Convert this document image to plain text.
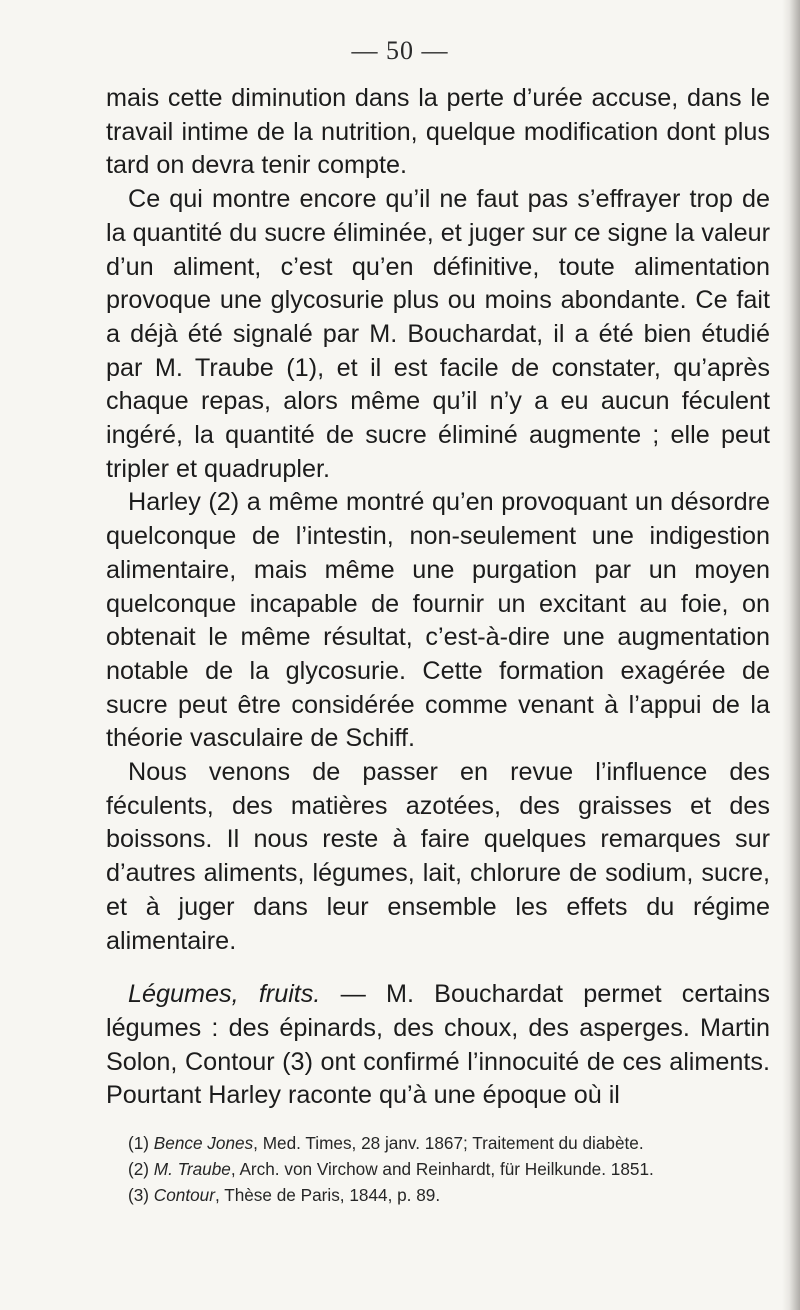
— 50 —

mais cette diminution dans la perte d’urée accuse, dans le travail intime de la nutrition, quelque modification dont plus tard on devra tenir compte.

Ce qui montre encore qu’il ne faut pas s’effrayer trop de la quantité du sucre éliminée, et juger sur ce signe la valeur d’un aliment, c’est qu’en définitive, toute alimentation provoque une glycosurie plus ou moins abondante. Ce fait a déjà été signalé par M. Bouchardat, il a été bien étudié par M. Traube (1), et il est facile de constater, qu’après chaque repas, alors même qu’il n’y a eu aucun féculent ingéré, la quantité de sucre éliminé augmente ; elle peut tripler et quadrupler.

Harley (2) a même montré qu’en provoquant un désordre quelconque de l’intestin, non-seulement une indigestion alimentaire, mais même une purgation par un moyen quelconque incapable de fournir un excitant au foie, on obtenait le même résultat, c’est-à-dire une augmentation notable de la glycosurie. Cette formation exagérée de sucre peut être considérée comme venant à l’appui de la théorie vasculaire de Schiff.

Nous venons de passer en revue l’influence des féculents, des matières azotées, des graisses et des boissons. Il nous reste à faire quelques remarques sur d’autres aliments, légumes, lait, chlorure de sodium, sucre, et à juger dans leur ensemble les effets du régime alimentaire.

Légumes, fruits. — M. Bouchardat permet certains légumes : des épinards, des choux, des asperges. Martin Solon, Contour (3) ont confirmé l’innocuité de ces aliments. Pourtant Harley raconte qu’à une époque où il

(1) Bence Jones, Med. Times, 28 janv. 1867; Traitement du diabète.

(2) M. Traube, Arch. von Virchow and Reinhardt, für Heilkunde. 1851.

(3) Contour, Thèse de Paris, 1844, p. 89.
